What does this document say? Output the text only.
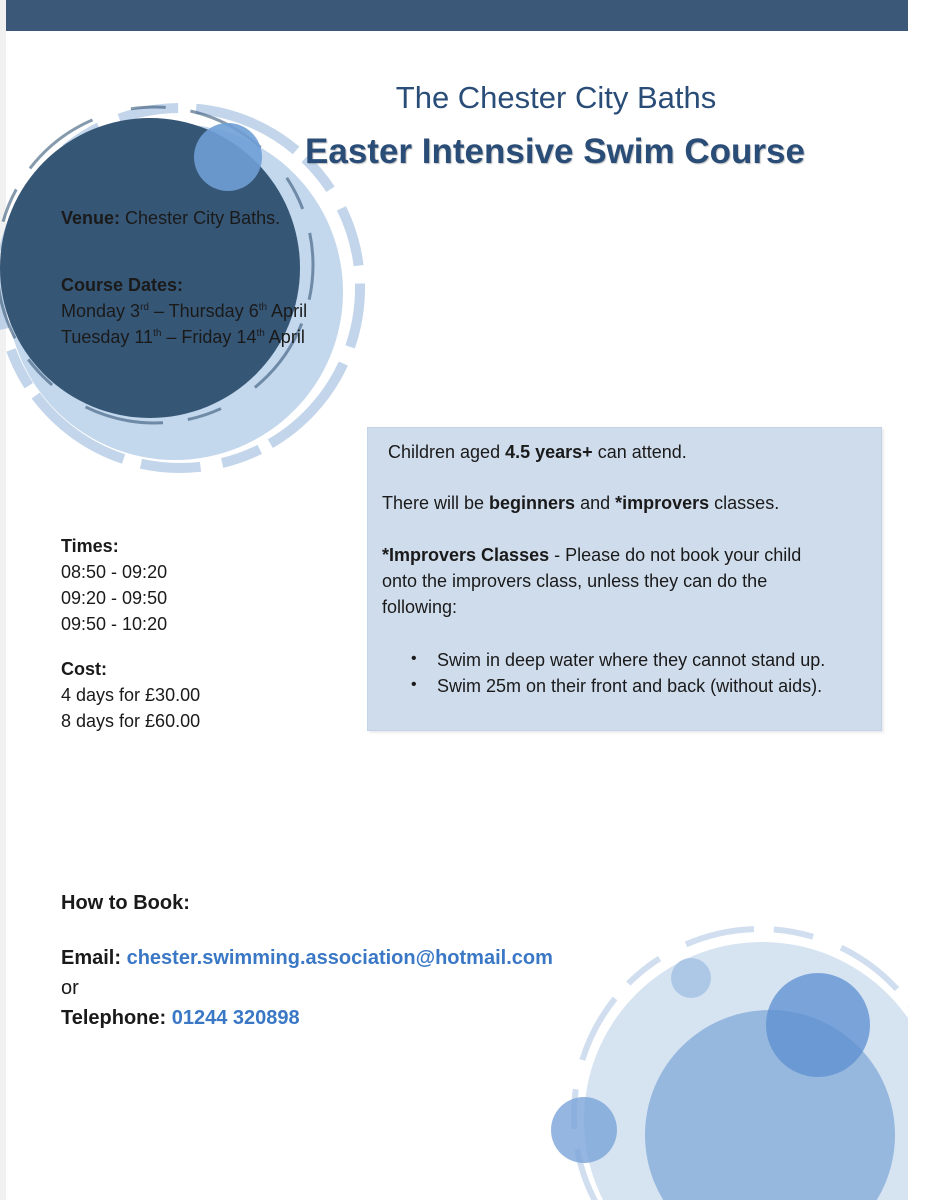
The Chester City Baths
Easter Intensive Swim Course
Venue: Chester City Baths.
Course Dates:
Monday 3rd – Thursday 6th April
Tuesday 11th – Friday 14th April
Times:
08:50 - 09:20
09:20 - 09:50
09:50 - 10:20
Cost:
4 days for £30.00
8 days for £60.00
Children aged 4.5 years+ can attend.
There will be beginners and *improvers classes.
*Improvers Classes - Please do not book your child
onto the improvers class, unless they can do the
following:
• Swim in deep water where they cannot stand up.
• Swim 25m on their front and back (without aids).
How to Book:
Email: chester.swimming.association@hotmail.com
or
Telephone: 01244 320898
